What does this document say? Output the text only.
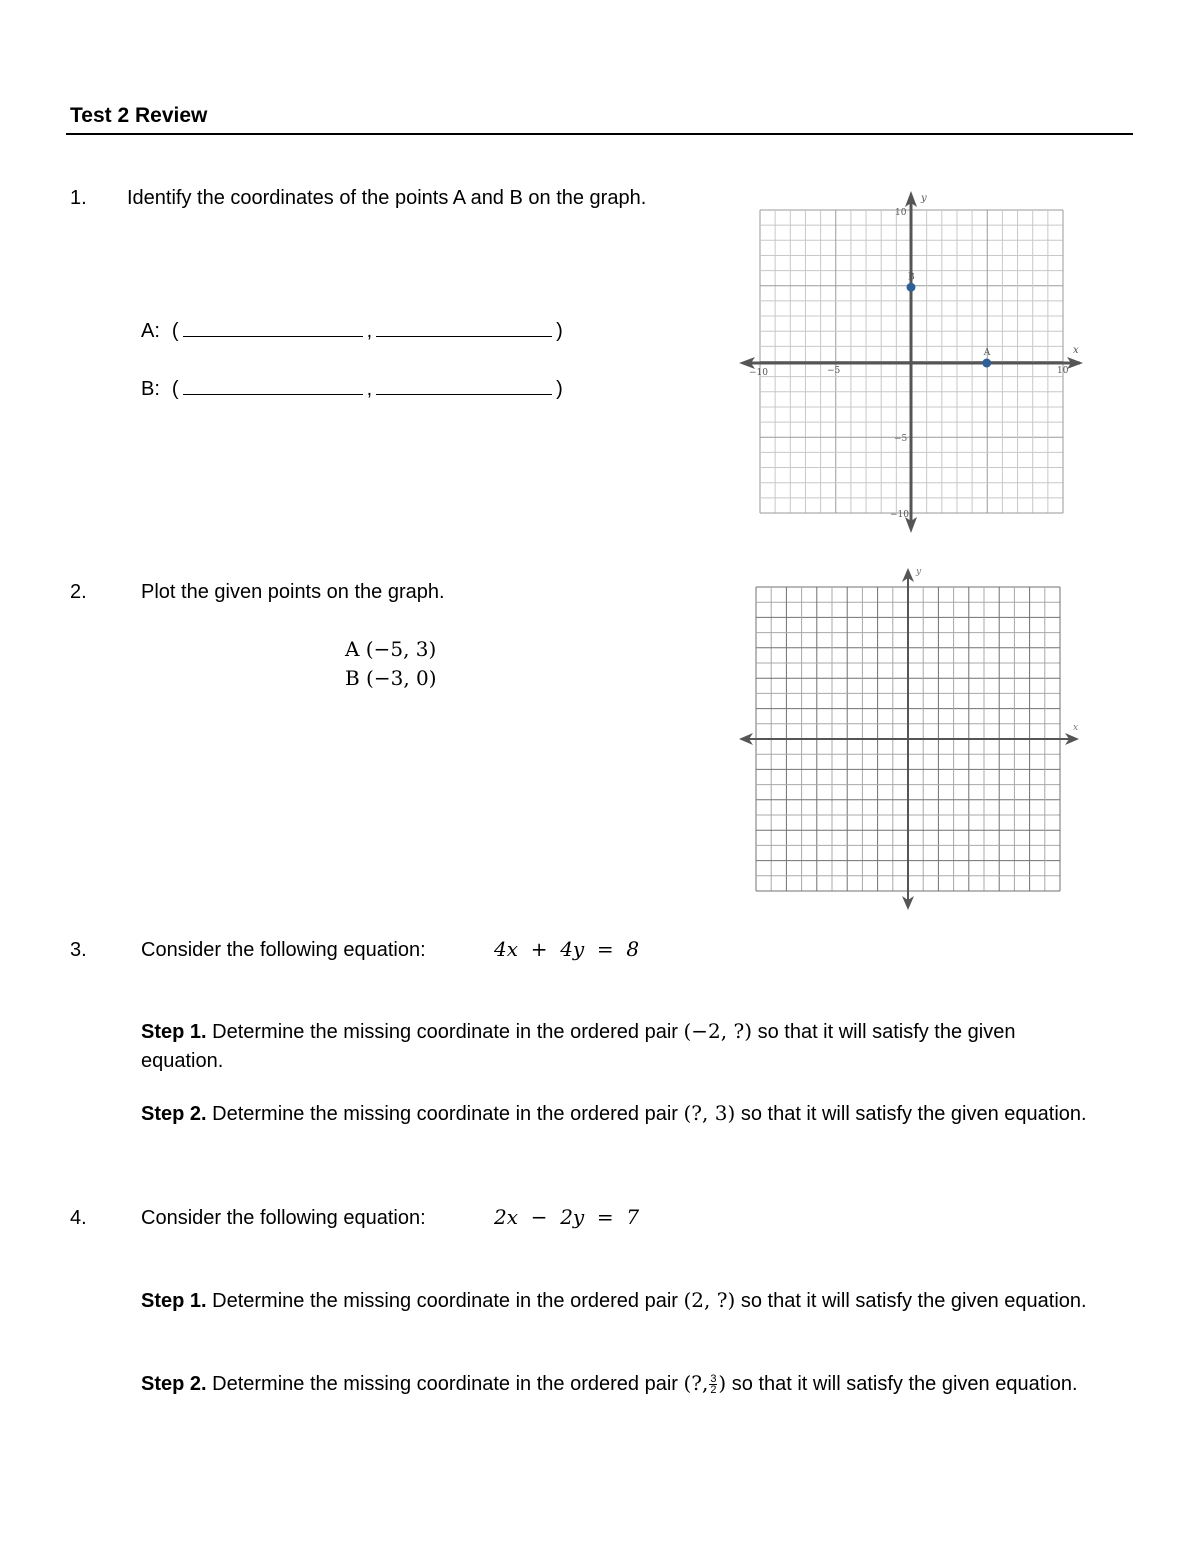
Test 2 Review
1. Identify the coordinates of the points A and B on the graph.
A: (	,	)
B: (	,	)
x
y
−10	−5	10
10
−5
−10
A
B
2.	Plot the given points on the graph.
A (−5, 3)
B (−3, 0)
x
y
3.	Consider the following equation:	4x  +  4y  =  8
Step 1. Determine the missing coordinate in the ordered pair (−2, ?) so that it will satisfy the given equation.
Step 2. Determine the missing coordinate in the ordered pair (?, 3) so that it will satisfy the given equation.
4.	Consider the following equation:	2x  −  2y  =  7
Step 1. Determine the missing coordinate in the ordered pair (2, ?) so that it will satisfy the given equation.
Step 2. Determine the missing coordinate in the ordered pair (?, $\frac{3}{2}$ ) so that it will satisfy the given equation.
